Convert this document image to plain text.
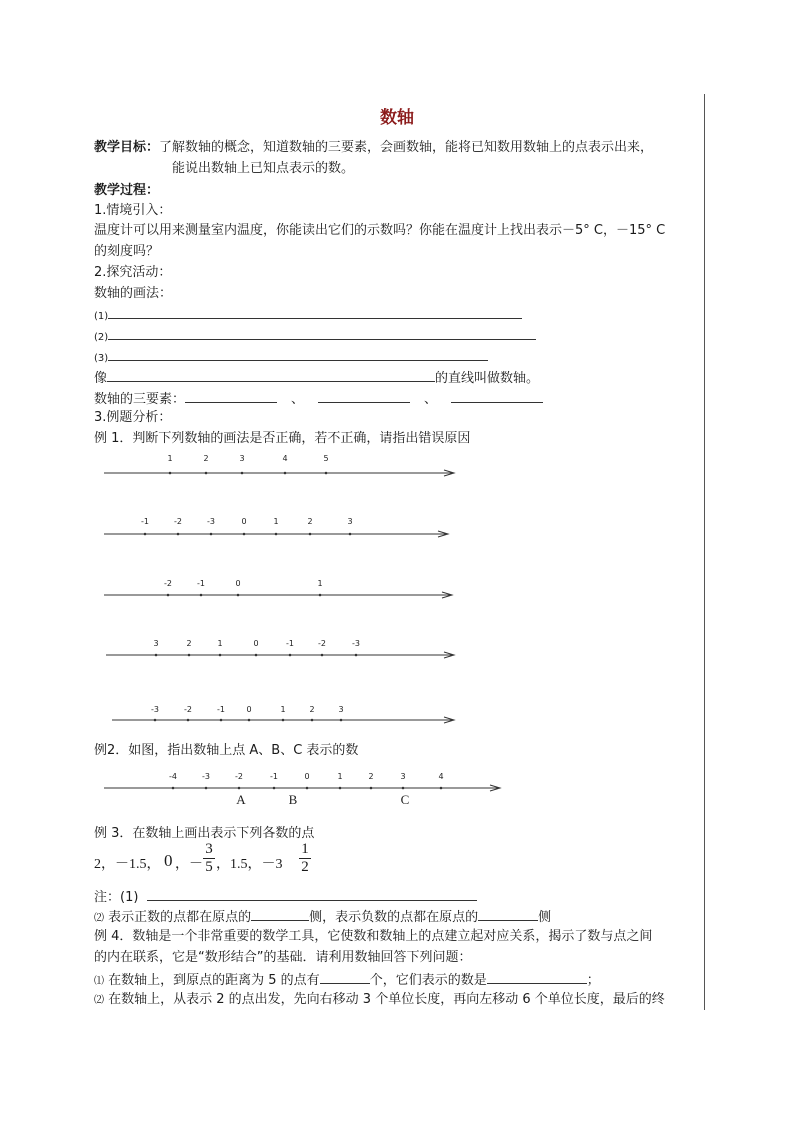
数轴
教学目标：了解数轴的概念，知道数轴的三要素，会画数轴，能将已知数用数轴上的点表示出来，
能说出数轴上已知点表示的数。
教学过程：
1.情境引入：
温度计可以用来测量室内温度，你能读出它们的示数吗？你能在温度计上找出表示－5° C，－15° C
的刻度吗？
2.探究活动：
数轴的画法：
(1)
(2)
(3)
像	的直线叫做数轴。
数轴的三要素：	、	、
3.例题分析：
例 1．判断下列数轴的画法是否正确，若不正确，请指出错误原因
1	2	3	4	5
-1	-2	-3	0	1	2	3
-2	-1	0	1
3	2	1	0	-1	-2	-3
-3	-2	-1	0	1	2	3
例2．如图，指出数轴上点 A、B、C 表示的数
-4	-3	-2	-1	0	1	2	3	4
A	B	C
例 3．在数轴上画出表示下列各数的点
2，－1.5， 0 ，－ $\frac{3}{5}$ ，1.5，$-3 \frac{1}{2}$
注：(1)
⑵ 表示正数的点都在原点的	侧，表示负数的点都在原点的	侧
例 4．数轴是一个非常重要的数学工具，它使数和数轴上的点建立起对应关系，揭示了数与点之间
的内在联系，它是“数形结合”的基础．请利用数轴回答下列问题：
⑴ 在数轴上，到原点的距离为 5 的点有	个，它们表示的数是	；
⑵ 在数轴上，从表示 2 的点出发，先向右移动 3 个单位长度，再向左移动 6 个单位长度，最后的终
